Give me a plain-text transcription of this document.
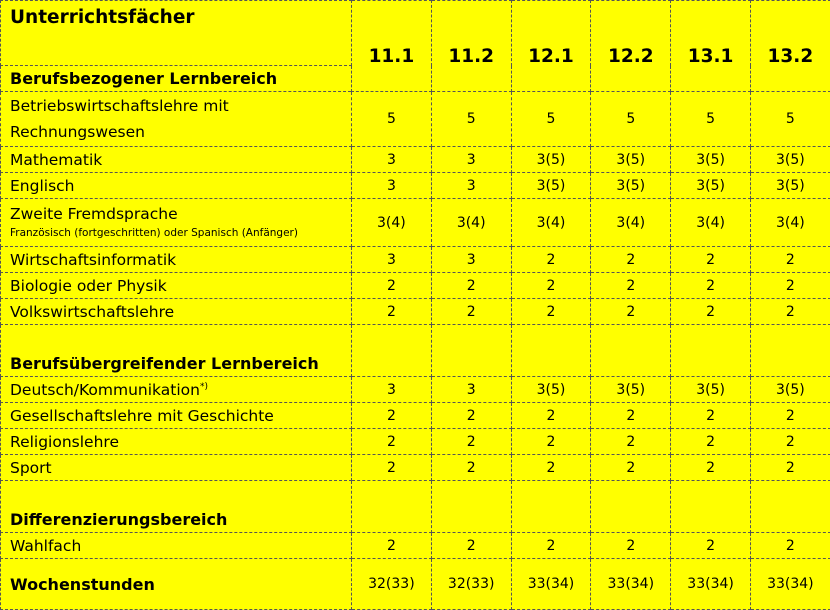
Unterrichtsfächer	11.1	11.2	12.1	12.2	13.1	13.2
Berufsbezogener Lernbereich						
Betriebswirtschaftslehre mit Rechnungswesen	5	5	5	5	5	5
Mathematik	3	3	3(5)	3(5)	3(5)	3(5)
Englisch	3	3	3(5)	3(5)	3(5)	3(5)
Zweite Fremdsprache
Französisch (fortgeschritten) oder Spanisch (Anfänger)	3(4)	3(4)	3(4)	3(4)	3(4)	3(4)
Wirtschaftsinformatik	3	3	2	2	2	2
Biologie oder Physik	2	2	2	2	2	2
Volkswirtschaftslehre	2	2	2	2	2	2
Berufsübergreifender Lernbereich						
Deutsch/Kommunikation*)	3	3	3(5)	3(5)	3(5)	3(5)
Gesellschaftslehre mit Geschichte	2	2	2	2	2	2
Religionslehre	2	2	2	2	2	2
Sport	2	2	2	2	2	2
Differenzierungsbereich						
Wahlfach	2	2	2	2	2	2
Wochenstunden	32(33)	32(33)	33(34)	33(34)	33(34)	33(34)
